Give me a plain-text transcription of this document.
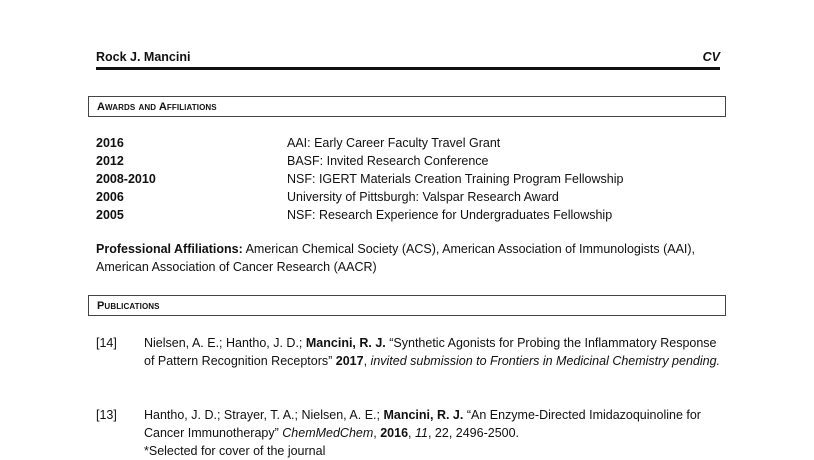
Rock J. Mancini	CV
Awards and Affiliations
2016	AAI: Early Career Faculty Travel Grant
2012	BASF: Invited Research Conference
2008-2010	NSF: IGERT Materials Creation Training Program Fellowship
2006	University of Pittsburgh: Valspar Research Award
2005	NSF: Research Experience for Undergraduates Fellowship
Professional Affiliations: American Chemical Society (ACS), American Association of Immunologists (AAI), American Association of Cancer Research (AACR)
Publications
[14] Nielsen, A. E.; Hantho, J. D.; Mancini, R. J. “Synthetic Agonists for Probing the Inflammatory Response of Pattern Recognition Receptors” 2017, invited submission to Frontiers in Medicinal Chemistry pending.
[13] Hantho, J. D.; Strayer, T. A.; Nielsen, A. E.; Mancini, R. J. “An Enzyme-Directed Imidazoquinoline for Cancer Immunotherapy” ChemMedChem, 2016, 11, 22, 2496-2500.
*Selected for cover of the journal
